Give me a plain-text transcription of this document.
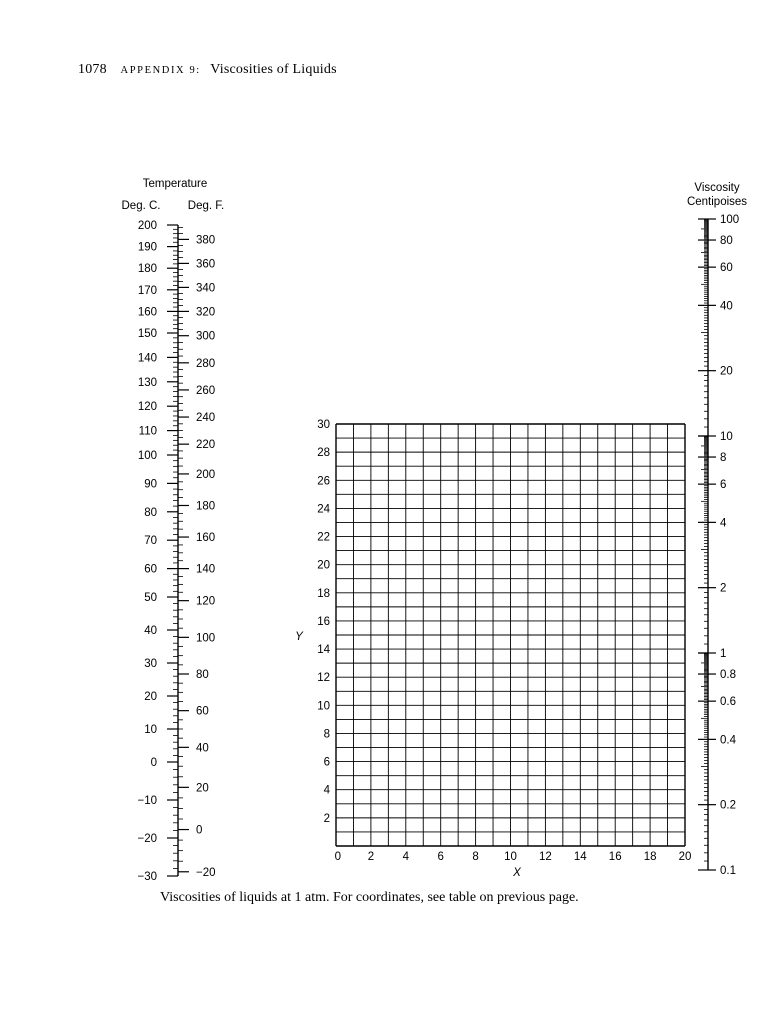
1078 APPENDIX 9: Viscosities of Liquids
Temperature
Deg. C. Deg. F.
200
190
180
170
160
150
140
130
120
110
100
90
80
70
60
50
40
30
20
10
0
−10
−20
−30
380
360
340
320
300
280
260
240
220
200
180
160
140
120
100
80
60
40
20
0
−20
0 2 4 6 8 10 12 14 16 18 20
2
4
6
8
10
12
14
16
18
20
22
24
26
28
30
X
Y
Viscosity
Centipoises
100
80
60
40
20
10
8
6
4
2
1
0.8
0.6
0.4
0.2
0.1
Viscosities of liquids at 1 atm. For coordinates, see table on previous page.
